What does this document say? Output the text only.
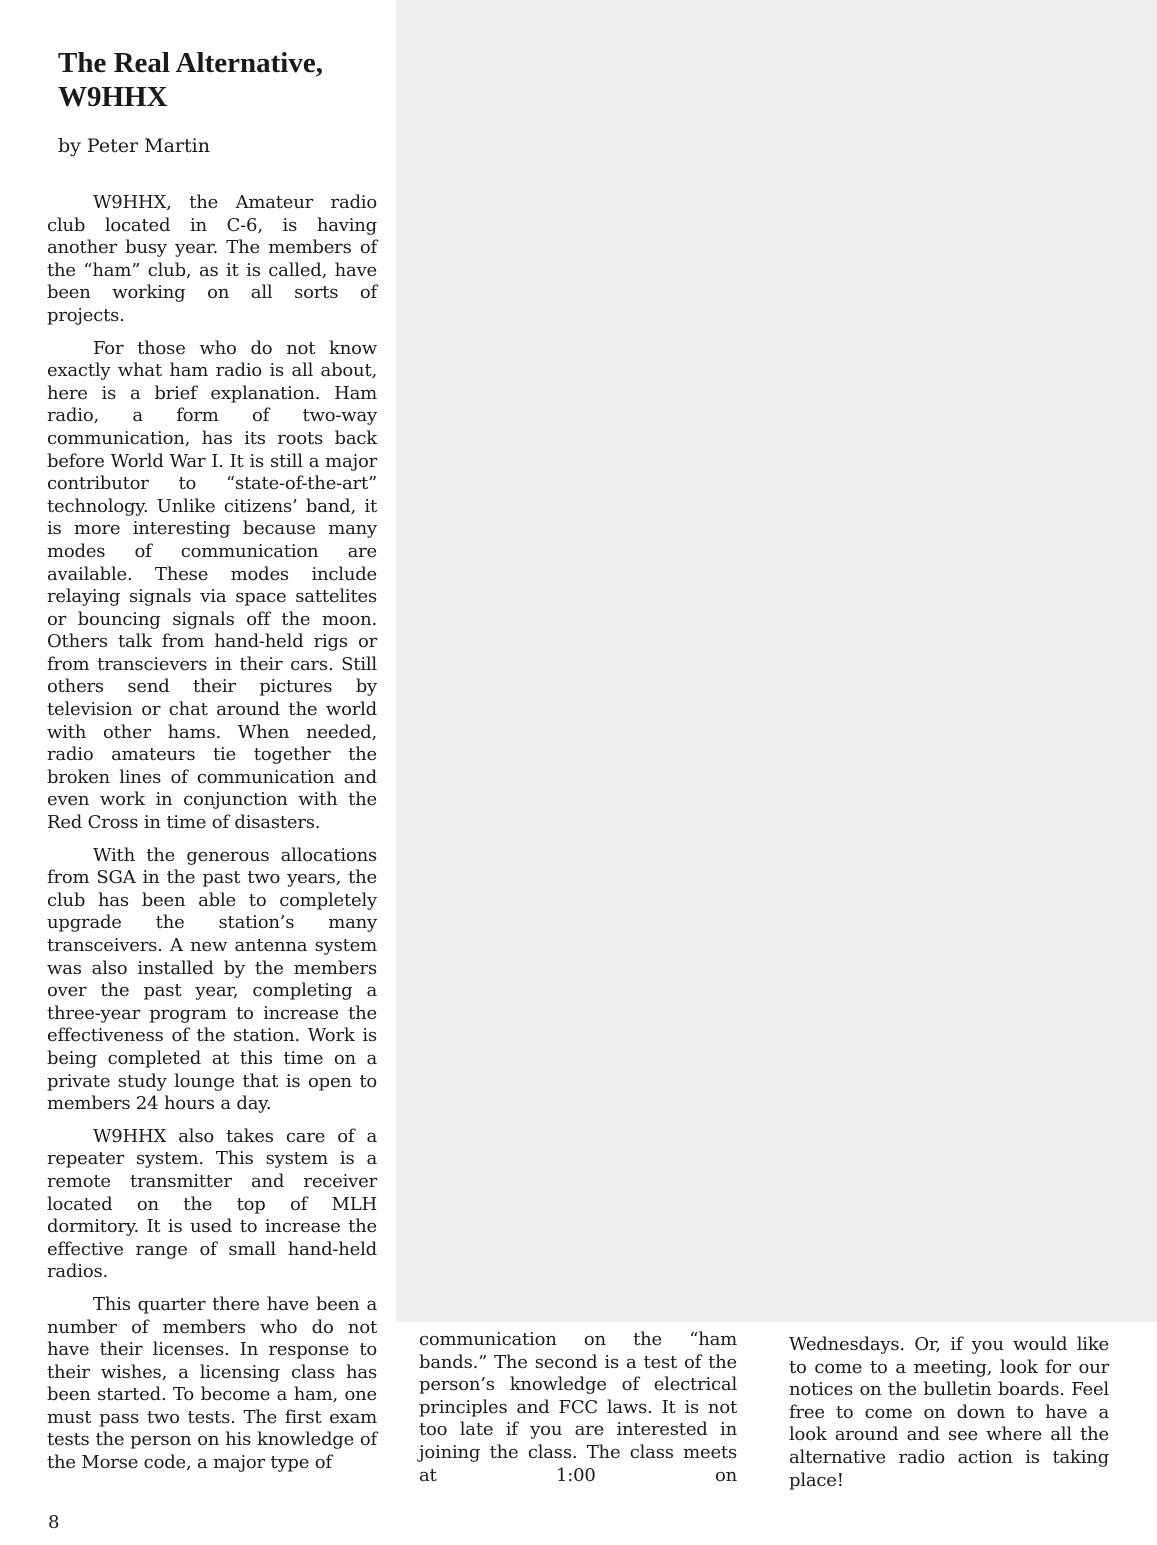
The Real Alternative,
W9HHX

by Peter Martin

W9HHX, the Amateur radio club located in C-6, is having another busy year. The members of the “ham” club, as it is called, have been working on all sorts of projects.

For those who do not know exactly what ham radio is all about, here is a brief explanation. Ham radio, a form of two-way communication, has its roots back before World War I. It is still a major contributor to “state-of-the-art” technology. Unlike citizens’ band, it is more interesting because many modes of communication are available. These modes include relaying signals via space sattelites or bouncing signals off the moon. Others talk from hand-held rigs or from transcievers in their cars. Still others send their pictures by television or chat around the world with other hams. When needed, radio amateurs tie together the broken lines of communication and even work in conjunction with the Red Cross in time of disasters.

With the generous allocations from SGA in the past two years, the club has been able to completely upgrade the station’s many transceivers. A new antenna system was also installed by the members over the past year, completing a three-year program to increase the effectiveness of the station. Work is being completed at this time on a private study lounge that is open to members 24 hours a day.

W9HHX also takes care of a repeater system. This system is a remote transmitter and receiver located on the top of MLH dormitory. It is used to increase the effective range of small hand-held radios.

This quarter there have been a number of members who do not have their licenses. In response to their wishes, a licensing class has been started. To become a ham, one must pass two tests. The first exam tests the person on his knowledge of the Morse code, a major type of

communication on the “ham bands.” The second is a test of the person’s knowledge of electrical principles and FCC laws. It is not too late if you are interested in joining the class. The class meets at 1:00 on

Wednesdays. Or, if you would like to come to a meeting, look for our notices on the bulletin boards. Feel free to come on down to have a look around and see where all the alternative radio action is taking place!

8
